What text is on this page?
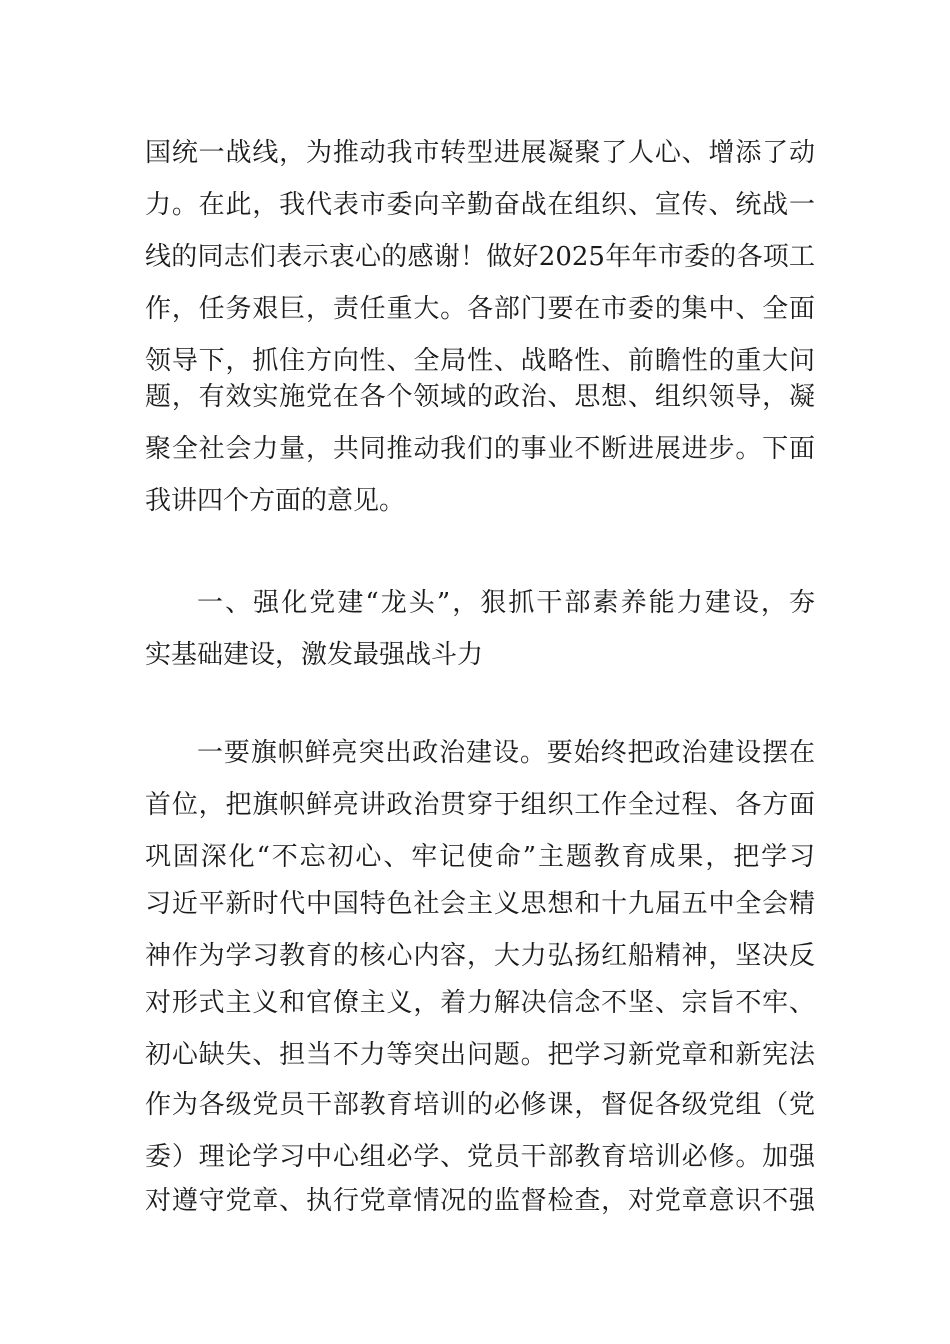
国统一战线，为推动我市转型进展凝聚了人心、增添了动
力。在此，我代表市委向辛勤奋战在组织、宣传、统战一
线的同志们表示衷心的感谢！做好2025年年市委的各项工
作，任务艰巨，责任重大。各部门要在市委的集中、全面
领导下，抓住方向性、全局性、战略性、前瞻性的重大问
题，有效实施党在各个领域的政治、思想、组织领导，凝
聚全社会力量，共同推动我们的事业不断进展进步。下面
我讲四个方面的意见。
一、强化党建“龙头”，狠抓干部素养能力建设，夯
实基础建设，激发最强战斗力
一要旗帜鲜亮突出政治建设。要始终把政治建设摆在
首位，把旗帜鲜亮讲政治贯穿于组织工作全过程、各方面
巩固深化“不忘初心、牢记使命”主题教育成果，把学习
习近平新时代中国特色社会主义思想和十九届五中全会精
神作为学习教育的核心内容，大力弘扬红船精神，坚决反
对形式主义和官僚主义，着力解决信念不坚、宗旨不牢、
初心缺失、担当不力等突出问题。把学习新党章和新宪法
作为各级党员干部教育培训的必修课，督促各级党组（党
委）理论学习中心组必学、党员干部教育培训必修。加强
对遵守党章、执行党章情况的监督检查，对党章意识不强
